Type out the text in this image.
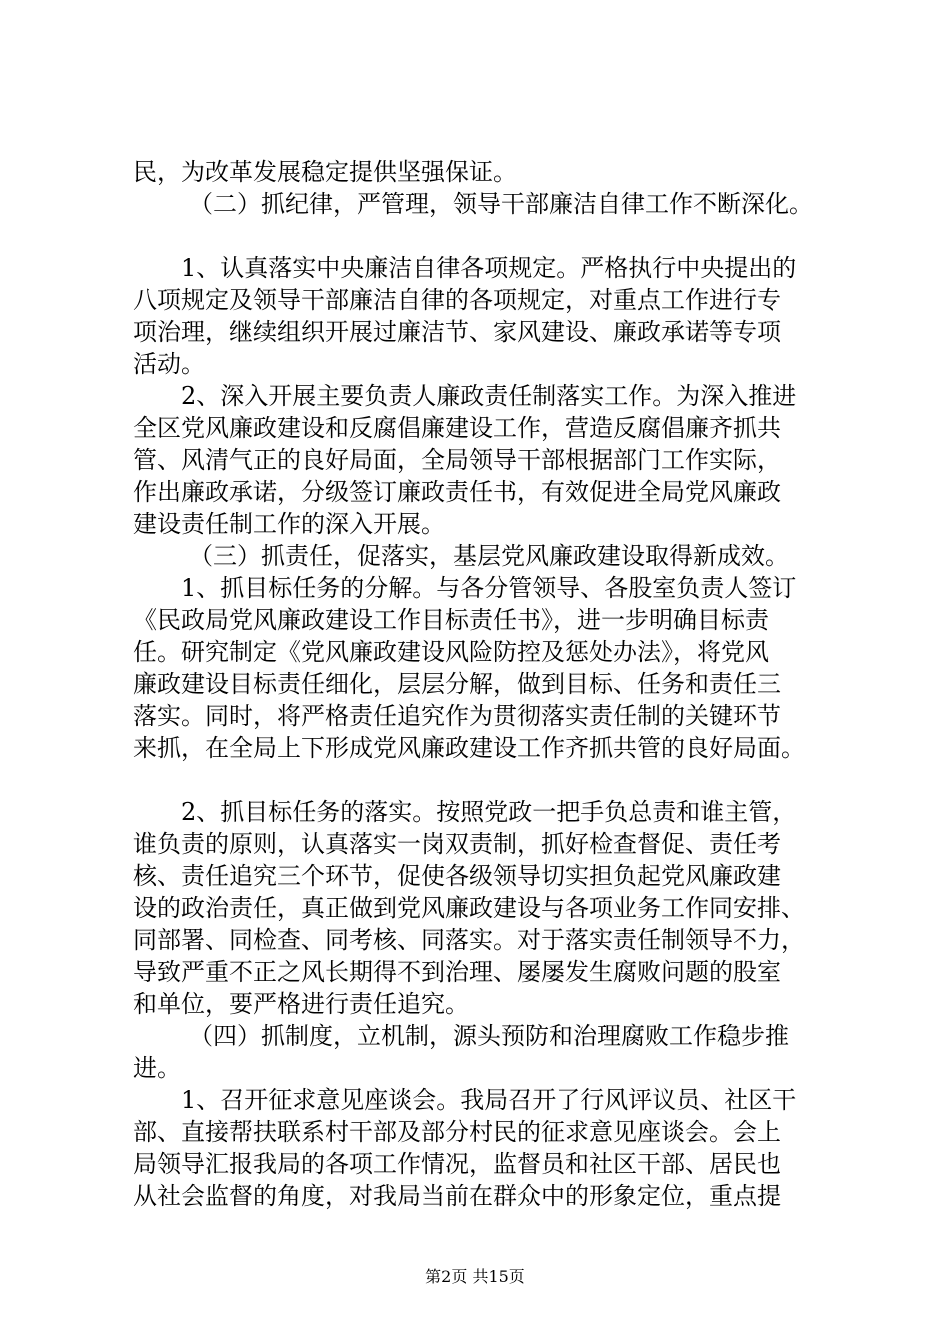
民，为改革发展稳定提供坚强保证。
（二）抓纪律，严管理，领导干部廉洁自律工作不断深化。
1、认真落实中央廉洁自律各项规定。严格执行中央提出的
八项规定及领导干部廉洁自律的各项规定，对重点工作进行专
项治理，继续组织开展过廉洁节、家风建设、廉政承诺等专项
活动。
2、深入开展主要负责人廉政责任制落实工作。为深入推进
全区党风廉政建设和反腐倡廉建设工作，营造反腐倡廉齐抓共
管、风清气正的良好局面，全局领导干部根据部门工作实际，
作出廉政承诺，分级签订廉政责任书，有效促进全局党风廉政
建设责任制工作的深入开展。
（三）抓责任，促落实，基层党风廉政建设取得新成效。
1、抓目标任务的分解。与各分管领导、各股室负责人签订
《民政局党风廉政建设工作目标责任书》，进一步明确目标责
任。研究制定《党风廉政建设风险防控及惩处办法》，将党风
廉政建设目标责任细化，层层分解，做到目标、任务和责任三
落实。同时，将严格责任追究作为贯彻落实责任制的关键环节
来抓，在全局上下形成党风廉政建设工作齐抓共管的良好局面。
2、抓目标任务的落实。按照党政一把手负总责和谁主管，
谁负责的原则，认真落实一岗双责制，抓好检查督促、责任考
核、责任追究三个环节，促使各级领导切实担负起党风廉政建
设的政治责任，真正做到党风廉政建设与各项业务工作同安排、
同部署、同检查、同考核、同落实。对于落实责任制领导不力，
导致严重不正之风长期得不到治理、屡屡发生腐败问题的股室
和单位，要严格进行责任追究。
（四）抓制度，立机制，源头预防和治理腐败工作稳步推
进。
1、召开征求意见座谈会。我局召开了行风评议员、社区干
部、直接帮扶联系村干部及部分村民的征求意见座谈会。会上
局领导汇报我局的各项工作情况，监督员和社区干部、居民也
从社会监督的角度，对我局当前在群众中的形象定位，重点提
第2页 共15页
